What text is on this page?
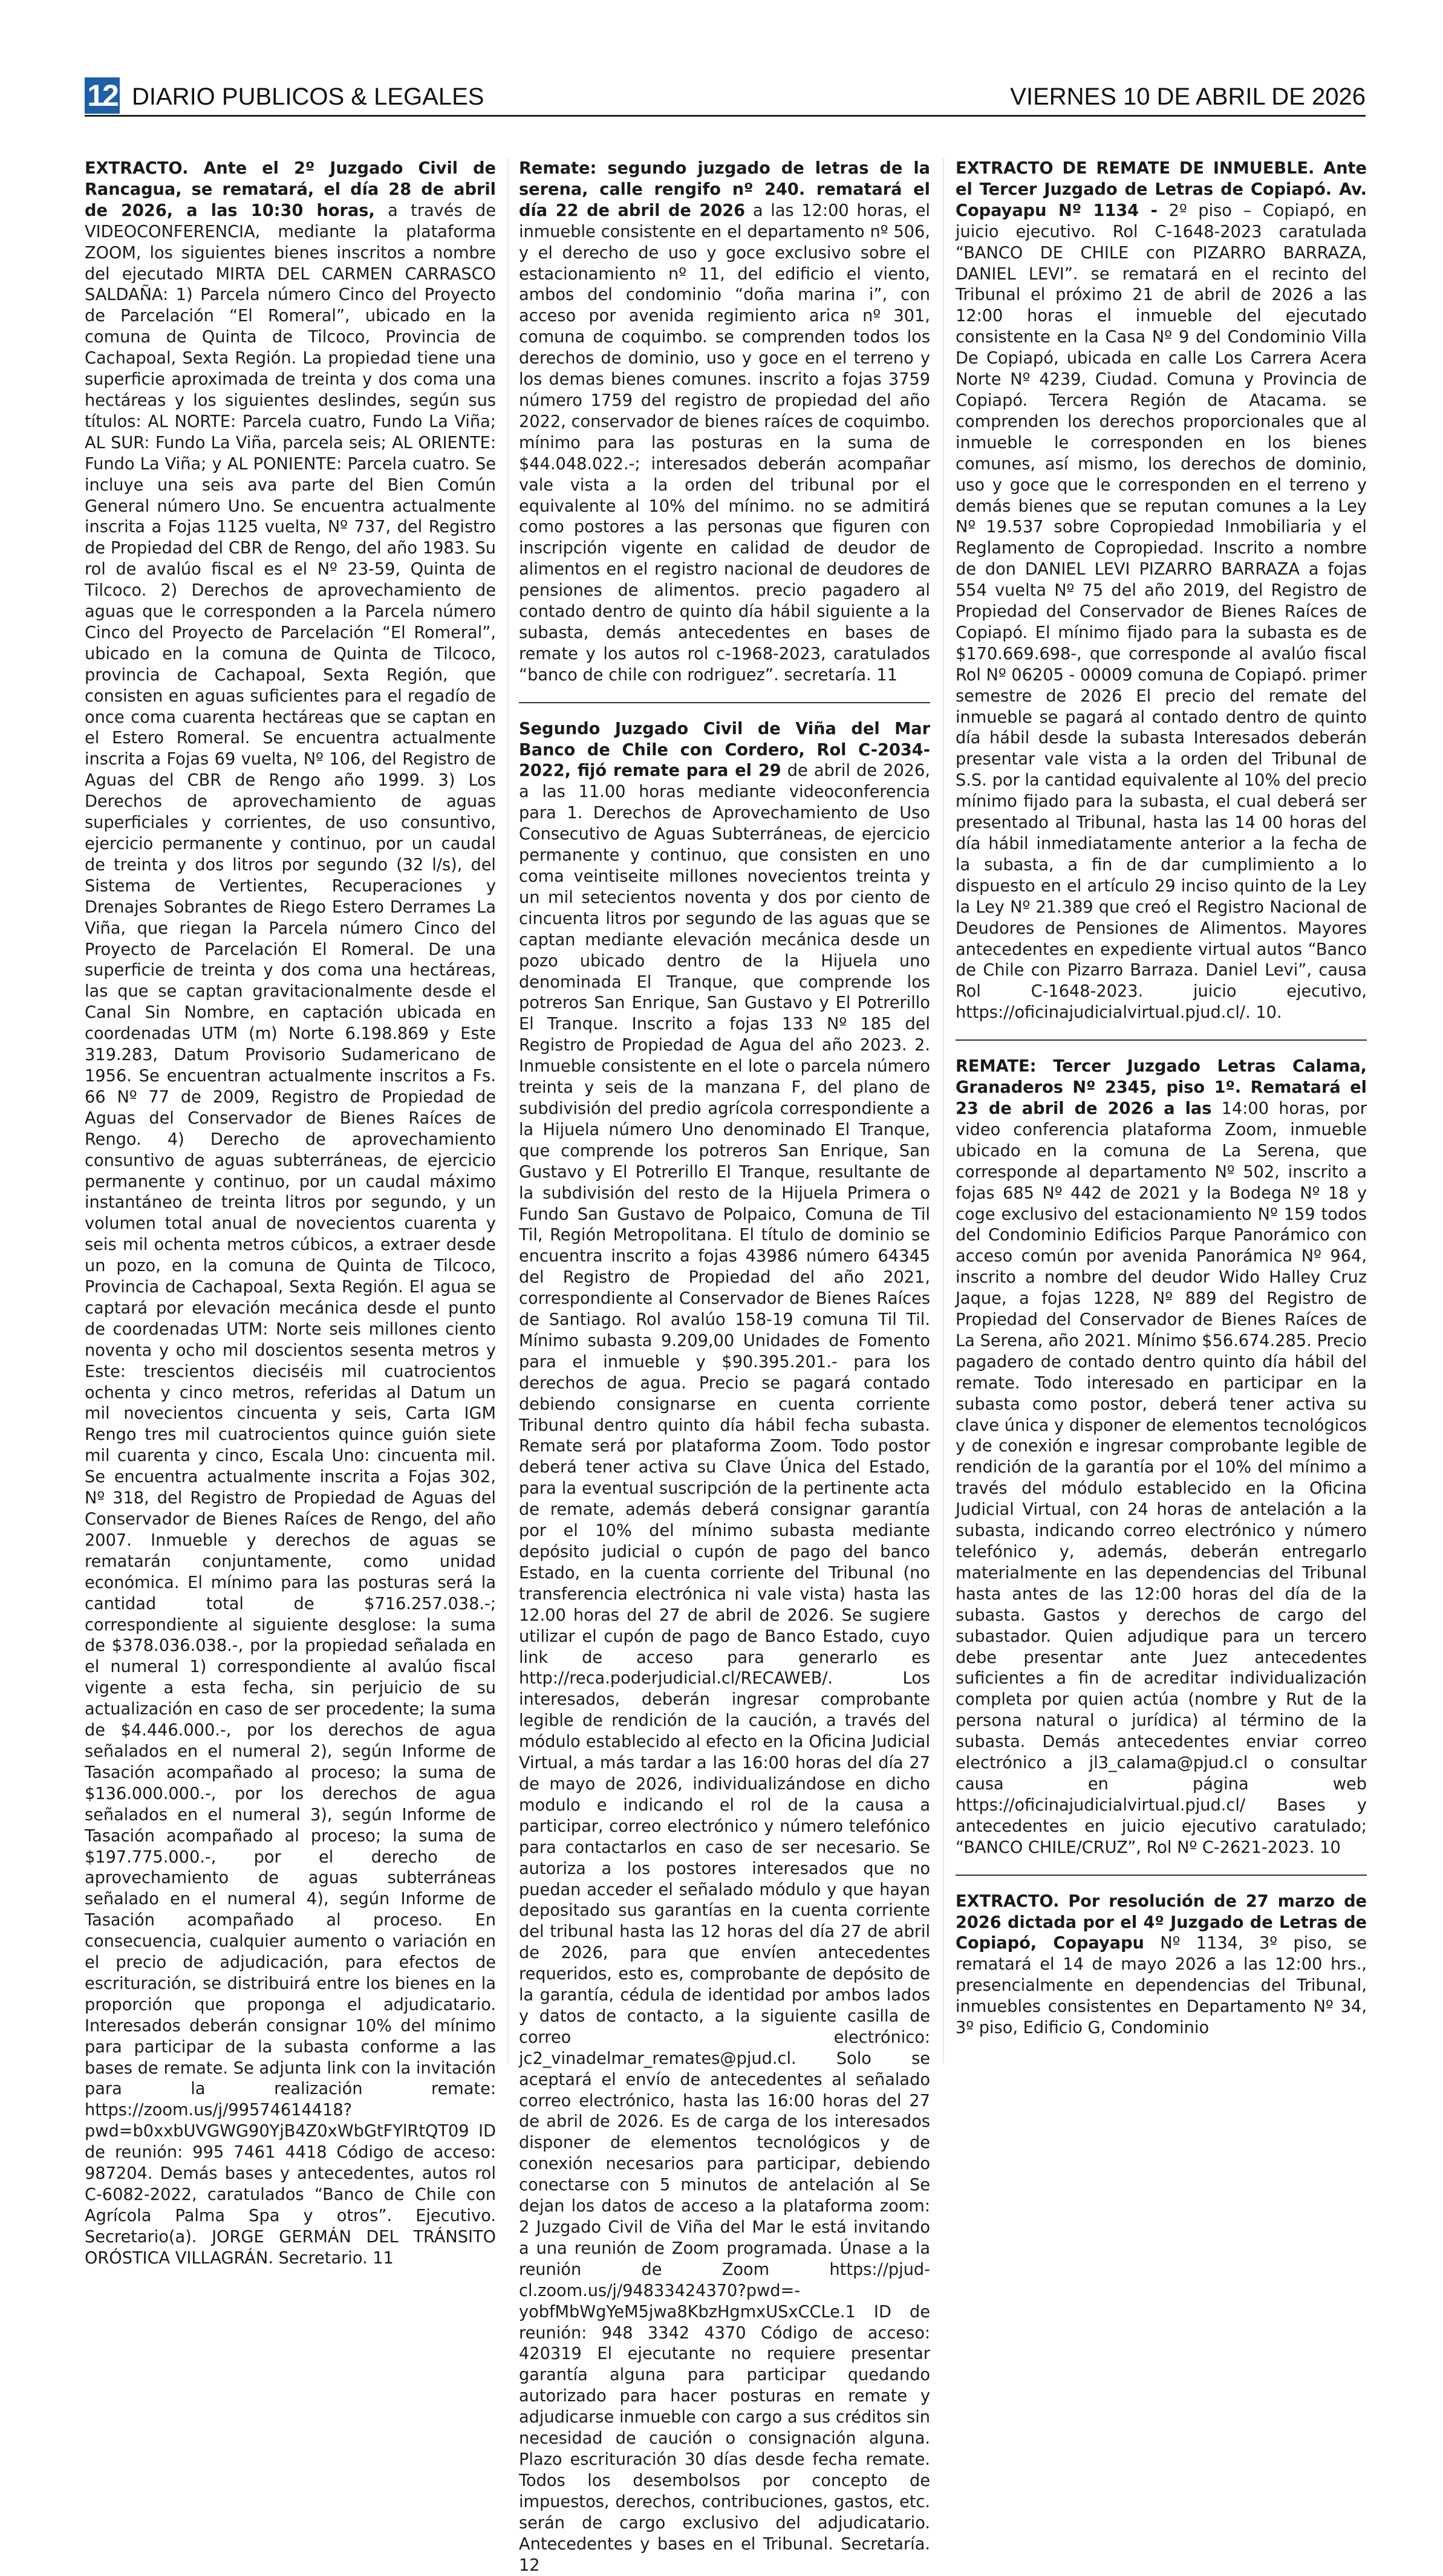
12 DIARIO PUBLICOS & LEGALES	VIERNES 10 DE ABRIL DE 2026

EXTRACTO. Ante el 2º Juzgado Civil de Rancagua, se rematará, el día 28 de abril de 2026, a las 10:30 horas, a través de VIDEOCONFERENCIA, mediante la plataforma ZOOM, los siguientes bienes inscritos a nombre del ejecutado MIRTA DEL CARMEN CARRASCO SALDAÑA: 1) Parcela número Cinco del Proyecto de Parcelación “El Romeral”, ubicado en la comuna de Quinta de Tilcoco, Provincia de Cachapoal, Sexta Región. La propiedad tiene una superficie aproximada de treinta y dos coma una hectáreas y los siguientes deslindes, según sus títulos: AL NORTE: Parcela cuatro, Fundo La Viña; AL SUR: Fundo La Viña, parcela seis; AL ORIENTE: Fundo La Viña; y AL PONIENTE: Parcela cuatro. Se incluye una seis ava parte del Bien Común General número Uno. Se encuentra actualmente inscrita a Fojas 1125 vuelta, Nº 737, del Registro de Propiedad del CBR de Rengo, del año 1983. Su rol de avalúo fiscal es el Nº 23-59, Quinta de Tilcoco. 2) Derechos de aprovechamiento de aguas que le corresponden a la Parcela número Cinco del Proyecto de Parcelación “El Romeral”, ubicado en la comuna de Quinta de Tilcoco, provincia de Cachapoal, Sexta Región, que consisten en aguas suficientes para el regadío de once coma cuarenta hectáreas que se captan en el Estero Romeral. Se encuentra actualmente inscrita a Fojas 69 vuelta, Nº 106, del Registro de Aguas del CBR de Rengo año 1999. 3) Los Derechos de aprovechamiento de aguas superficiales y corrientes, de uso consuntivo, ejercicio permanente y continuo, por un caudal de treinta y dos litros por segundo (32 l/s), del Sistema de Vertientes, Recuperaciones y Drenajes Sobrantes de Riego Estero Derrames La Viña, que riegan la Parcela número Cinco del Proyecto de Parcelación El Romeral. De una superficie de treinta y dos coma una hectáreas, las que se captan gravitacionalmente desde el Canal Sin Nombre, en captación ubicada en coordenadas UTM (m) Norte 6.198.869 y Este 319.283, Datum Provisorio Sudamericano de 1956. Se encuentran actualmente inscritos a Fs. 66 Nº 77 de 2009, Registro de Propiedad de Aguas del Conservador de Bienes Raíces de Rengo. 4) Derecho de aprovechamiento consuntivo de aguas subterráneas, de ejercicio permanente y continuo, por un caudal máximo instantáneo de treinta litros por segundo, y un volumen total anual de novecientos cuarenta y seis mil ochenta metros cúbicos, a extraer desde un pozo, en la comuna de Quinta de Tilcoco, Provincia de Cachapoal, Sexta Región. El agua se captará por elevación mecánica desde el punto de coordenadas UTM: Norte seis millones ciento noventa y ocho mil doscientos sesenta metros y Este: trescientos dieciséis mil cuatrocientos ochenta y cinco metros, referidas al Datum un mil novecientos cincuenta y seis, Carta IGM Rengo tres mil cuatrocientos quince guión siete mil cuarenta y cinco, Escala Uno: cincuenta mil. Se encuentra actualmente inscrita a Fojas 302, Nº 318, del Registro de Propiedad de Aguas del Conservador de Bienes Raíces de Rengo, del año 2007. Inmueble y derechos de aguas se rematarán conjuntamente, como unidad económica. El mínimo para las posturas será la cantidad total de $716.257.038.-; correspondiente al siguiente desglose: la suma de $378.036.038.-, por la propiedad señalada en el numeral 1) correspondiente al avalúo fiscal vigente a esta fecha, sin perjuicio de su actualización en caso de ser procedente; la suma de $4.446.000.-, por los derechos de agua señalados en el numeral 2), según Informe de Tasación acompañado al proceso; la suma de $136.000.000.-, por los derechos de agua señalados en el numeral 3), según Informe de Tasación acompañado al proceso; la suma de $197.775.000.-, por el derecho de aprovechamiento de aguas subterráneas señalado en el numeral 4), según Informe de Tasación acompañado al proceso. En consecuencia, cualquier aumento o variación en el precio de adjudicación, para efectos de escrituración, se distribuirá entre los bienes en la proporción que proponga el adjudicatario. Interesados deberán consignar 10% del mínimo para participar de la subasta conforme a las bases de remate. Se adjunta link con la invitación para la realización remate: https://zoom.us/j/99574614418?pwd=b0xxbUVGWG90YjB4Z0xWbGtFYlRtQT09 ID de reunión: 995 7461 4418 Código de acceso: 987204. Demás bases y antecedentes, autos rol C-6082-2022, caratulados “Banco de Chile con Agrícola Palma Spa y otros”. Ejecutivo. Secretario(a). JORGE GERMÁN DEL TRÁNSITO ORÓSTICA VILLAGRÁN. Secretario. 11

Remate: segundo juzgado de letras de la serena, calle rengifo nº 240. rematará el día 22 de abril de 2026 a las 12:00 horas, el inmueble consistente en el departamento nº 506, y el derecho de uso y goce exclusivo sobre el estacionamiento nº 11, del edificio el viento, ambos del condominio “doña marina i”, con acceso por avenida regimiento arica nº 301, comuna de coquimbo. se comprenden todos los derechos de dominio, uso y goce en el terreno y los demas bienes comunes. inscrito a fojas 3759 número 1759 del registro de propiedad del año 2022, conservador de bienes raíces de coquimbo. mínimo para las posturas en la suma de $44.048.022.-; interesados deberán acompañar vale vista a la orden del tribunal por el equivalente al 10% del mínimo. no se admitirá como postores a las personas que figuren con inscripción vigente en calidad de deudor de alimentos en el registro nacional de deudores de pensiones de alimentos. precio pagadero al contado dentro de quinto día hábil siguiente a la subasta, demás antecedentes en bases de remate y los autos rol c-1968-2023, caratulados “banco de chile con rodriguez”. secretaría. 11

Segundo Juzgado Civil de Viña del Mar Banco de Chile con Cordero, Rol C-2034-2022, fijó remate para el 29 de abril de 2026, a las 11.00 horas mediante videoconferencia para 1. Derechos de Aprovechamiento de Uso Consecutivo de Aguas Subterráneas, de ejercicio permanente y continuo, que consisten en uno coma veintiseite millones novecientos treinta y un mil setecientos noventa y dos por ciento de cincuenta litros por segundo de las aguas que se captan mediante elevación mecánica desde un pozo ubicado dentro de la Hijuela uno denominada El Tranque, que comprende los potreros San Enrique, San Gustavo y El Potrerillo El Tranque. Inscrito a fojas 133 Nº 185 del Registro de Propiedad de Agua del año 2023. 2. Inmueble consistente en el lote o parcela número treinta y seis de la manzana F, del plano de subdivisión del predio agrícola correspondiente a la Hijuela número Uno denominado El Tranque, que comprende los potreros San Enrique, San Gustavo y El Potrerillo El Tranque, resultante de la subdivisión del resto de la Hijuela Primera o Fundo San Gustavo de Polpaico, Comuna de Til Til, Región Metropolitana. El título de dominio se encuentra inscrito a fojas 43986 número 64345 del Registro de Propiedad del año 2021, correspondiente al Conservador de Bienes Raíces de Santiago. Rol avalúo 158-19 comuna Til Til. Mínimo subasta 9.209,00 Unidades de Fomento para el inmueble y $90.395.201.- para los derechos de agua. Precio se pagará contado debiendo consignarse en cuenta corriente Tribunal dentro quinto día hábil fecha subasta. Remate será por plataforma Zoom. Todo postor deberá tener activa su Clave Única del Estado, para la eventual suscripción de la pertinente acta de remate, además deberá consignar garantía por el 10% del mínimo subasta mediante depósito judicial o cupón de pago del banco Estado, en la cuenta corriente del Tribunal (no transferencia electrónica ni vale vista) hasta las 12.00 horas del 27 de abril de 2026. Se sugiere utilizar el cupón de pago de Banco Estado, cuyo link de acceso para generarlo es http://reca.poderjudicial.cl/RECAWEB/. Los interesados, deberán ingresar comprobante legible de rendición de la caución, a través del módulo establecido al efecto en la Oficina Judicial Virtual, a más tardar a las 16:00 horas del día 27 de mayo de 2026, individualizándose en dicho modulo e indicando el rol de la causa a participar, correo electrónico y número telefónico para contactarlos en caso de ser necesario. Se autoriza a los postores interesados que no puedan acceder el señalado módulo y que hayan depositado sus garantías en la cuenta corriente del tribunal hasta las 12 horas del día 27 de abril de 2026, para que envíen antecedentes requeridos, esto es, comprobante de depósito de la garantía, cédula de identidad por ambos lados y datos de contacto, a la siguiente casilla de correo electrónico: jc2_vinadelmar_remates@pjud.cl. Solo se aceptará el envío de antecedentes al señalado correo electrónico, hasta las 16:00 horas del 27 de abril de 2026. Es de carga de los interesados disponer de elementos tecnológicos y de conexión necesarios para participar, debiendo conectarse con 5 minutos de antelación al Se dejan los datos de acceso a la plataforma zoom: 2 Juzgado Civil de Viña del Mar le está invitando a una reunión de Zoom programada. Únase a la reunión de Zoom https://pjud-cl.zoom.us/j/94833424370?pwd=-yobfMbWgYeM5jwa8KbzHgmxUSxCCLe.1 ID de reunión: 948 3342 4370 Código de acceso: 420319 El ejecutante no requiere presentar garantía alguna para participar quedando autorizado para hacer posturas en remate y adjudicarse inmueble con cargo a sus créditos sin necesidad de caución o consignación alguna. Plazo escrituración 30 días desde fecha remate. Todos los desembolsos por concepto de impuestos, derechos, contribuciones, gastos, etc. serán de cargo exclusivo del adjudicatario. Antecedentes y bases en el Tribunal. Secretaría. 12

EXTRACTO DE REMATE DE INMUEBLE. Ante el Tercer Juzgado de Letras de Copiapó. Av. Copayapu Nº 1134 - 2º piso – Copiapó, en juicio ejecutivo. Rol C-1648-2023 caratulada “BANCO DE CHILE con PIZARRO BARRAZA, DANIEL LEVI”. se rematará en el recinto del Tribunal el próximo 21 de abril de 2026 a las 12:00 horas el inmueble del ejecutado consistente en la Casa Nº 9 del Condominio Villa De Copiapó, ubicada en calle Los Carrera Acera Norte Nº 4239, Ciudad. Comuna y Provincia de Copiapó. Tercera Región de Atacama. se comprenden los derechos proporcionales que al inmueble le corresponden en los bienes comunes, así mismo, los derechos de dominio, uso y goce que le corresponden en el terreno y demás bienes que se reputan comunes a la Ley Nº 19.537 sobre Copropiedad Inmobiliaria y el Reglamento de Copropiedad. Inscrito a nombre de don DANIEL LEVI PIZARRO BARRAZA a fojas 554 vuelta Nº 75 del año 2019, del Registro de Propiedad del Conservador de Bienes Raíces de Copiapó. El mínimo fijado para la subasta es de $170.669.698-, que corresponde al avalúo fiscal Rol Nº 06205 - 00009 comuna de Copiapó. primer semestre de 2026 El precio del remate del inmueble se pagará al contado dentro de quinto día hábil desde la subasta Interesados deberán presentar vale vista a la orden del Tribunal de S.S. por la cantidad equivalente al 10% del precio mínimo fijado para la subasta, el cual deberá ser presentado al Tribunal, hasta las 14 00 horas del día hábil inmediatamente anterior a la fecha de la subasta, a fin de dar cumplimiento a lo dispuesto en el artículo 29 inciso quinto de la Ley la Ley Nº 21.389 que creó el Registro Nacional de Deudores de Pensiones de Alimentos. Mayores antecedentes en expediente virtual autos “Banco de Chile con Pizarro Barraza. Daniel Levi”, causa Rol C-1648-2023. juicio ejecutivo, https://oficinajudicialvirtual.pjud.cl/. 10.

REMATE: Tercer Juzgado Letras Calama, Granaderos Nº 2345, piso 1º. Rematará el 23 de abril de 2026 a las 14:00 horas, por video conferencia plataforma Zoom, inmueble ubicado en la comuna de La Serena, que corresponde al departamento Nº 502, inscrito a fojas 685 Nº 442 de 2021 y la Bodega Nº 18 y coge exclusivo del estacionamiento Nº 159 todos del Condominio Edificios Parque Panorámico con acceso común por avenida Panorámica Nº 964, inscrito a nombre del deudor Wido Halley Cruz Jaque, a fojas 1228, Nº 889 del Registro de Propiedad del Conservador de Bienes Raíces de La Serena, año 2021. Mínimo $56.674.285. Precio pagadero de contado dentro quinto día hábil del remate. Todo interesado en participar en la subasta como postor, deberá tener activa su clave única y disponer de elementos tecnológicos y de conexión e ingresar comprobante legible de rendición de la garantía por el 10% del mínimo a través del módulo establecido en la Oficina Judicial Virtual, con 24 horas de antelación a la subasta, indicando correo electrónico y número telefónico y, además, deberán entregarlo materialmente en las dependencias del Tribunal hasta antes de las 12:00 horas del día de la subasta. Gastos y derechos de cargo del subastador. Quien adjudique para un tercero debe presentar ante Juez antecedentes suficientes a fin de acreditar individualización completa por quien actúa (nombre y Rut de la persona natural o jurídica) al término de la subasta. Demás antecedentes enviar correo electrónico a jl3_calama@pjud.cl o consultar causa en página web https://oficinajudicialvirtual.pjud.cl/ Bases y antecedentes en juicio ejecutivo caratulado; “BANCO CHILE/CRUZ”, Rol Nº C-2621-2023. 10

EXTRACTO. Por resolución de 27 marzo de 2026 dictada por el 4º Juzgado de Letras de Copiapó, Copayapu Nº 1134, 3º piso, se rematará el 14 de mayo 2026 a las 12:00 hrs., presencialmente en dependencias del Tribunal, inmuebles consistentes en Departamento Nº 34, 3º piso, Edificio G, Condominio
